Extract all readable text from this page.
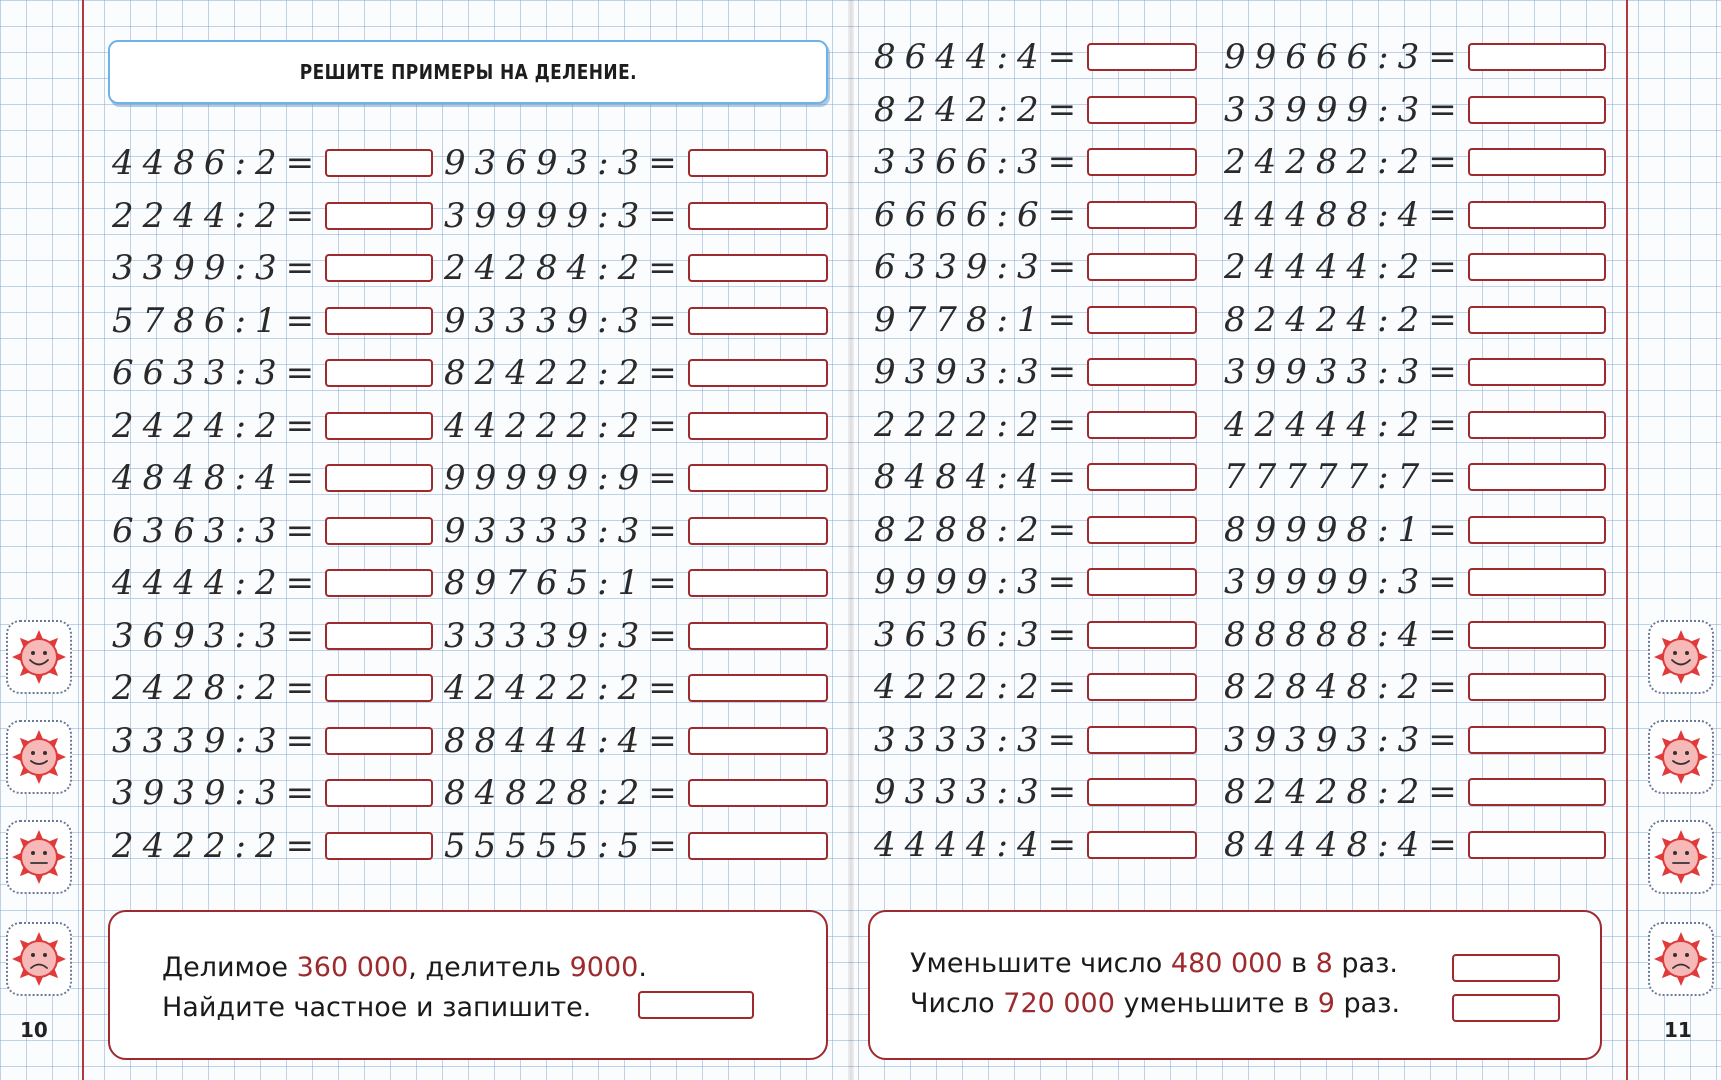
РЕШИТЕ ПРИМЕРЫ НА ДЕЛЕНИЕ.
4486:2=
2244:2=
3399:3=
5786:1=
6633:3=
2424:2=
4848:4=
6363:3=
4444:2=
3693:3=
2428:2=
3339:3=
3939:3=
2422:2=
93693:3=
39999:3=
24284:2=
93339:3=
82422:2=
44222:2=
99999:9=
93333:3=
89765:1=
33339:3=
42422:2=
88444:4=
84828:2=
55555:5=
8644:4=
8242:2=
3366:3=
6666:6=
6339:3=
9778:1=
9393:3=
2222:2=
8484:4=
8288:2=
9999:3=
3636:3=
4222:2=
3333:3=
9333:3=
4444:4=
99666:3=
33999:3=
24282:2=
44488:4=
24444:2=
82424:2=
39933:3=
42444:2=
77777:7=
89998:1=
39999:3=
88888:4=
82848:2=
39393:3=
82428:2=
84448:4=
Делимое 360 000, делитель 9000.
Найдите частное и запишите.
Уменьшите число 480 000 в 8 раз.
Число 720 000 уменьшите в 9 раз.
10	11
